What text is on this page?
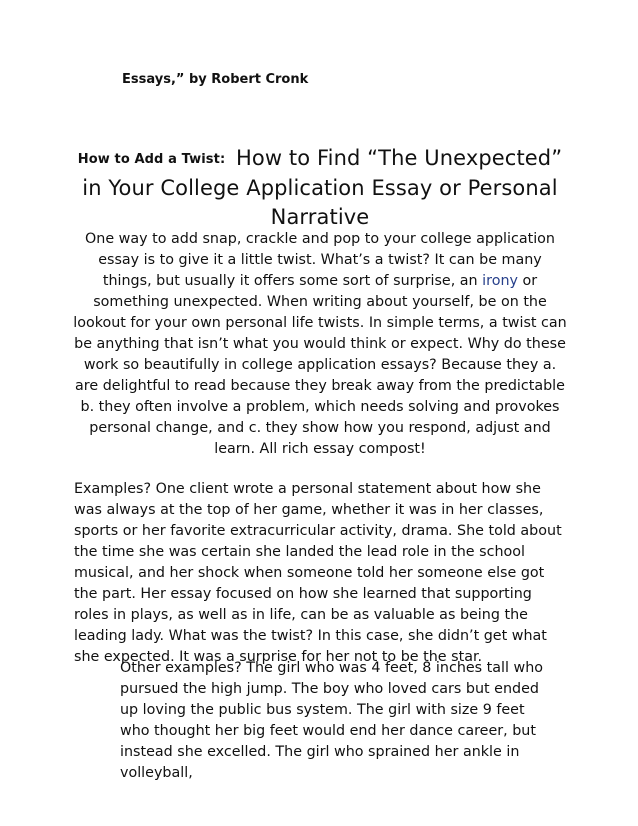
Essays,” by Robert Cronk
How to Add a Twist: How to Find “The Unexpected” in Your College Application Essay or Personal Narrative

One way to add snap, crackle and pop to your college application essay is to give it a little twist. What’s a twist? It can be many things, but usually it offers some sort of surprise, an irony or something unexpected. When writing about yourself, be on the lookout for your own personal life twists. In simple terms, a twist can be anything that isn’t what you would think or expect. Why do these work so beautifully in college application essays? Because they a. are delightful to read because they break away from the predictable b. they often involve a problem, which needs solving and provokes personal change, and c. they show how you respond, adjust and learn. All rich essay compost!

Examples? One client wrote a personal statement about how she was always at the top of her game, whether it was in her classes, sports or her favorite extracurricular activity, drama. She told about the time she was certain she landed the lead role in the school musical, and her shock when someone told her someone else got the part. Her essay focused on how she learned that supporting roles in plays, as well as in life, can be as valuable as being the leading lady. What was the twist? In this case, she didn’t get what she expected. It was a surprise for her not to be the star.

Other examples? The girl who was 4 feet, 8 inches tall who pursued the high jump. The boy who loved cars but ended up loving the public bus system. The girl with size 9 feet who thought her big feet would end her dance career, but instead she excelled. The girl who sprained her ankle in volleyball,
